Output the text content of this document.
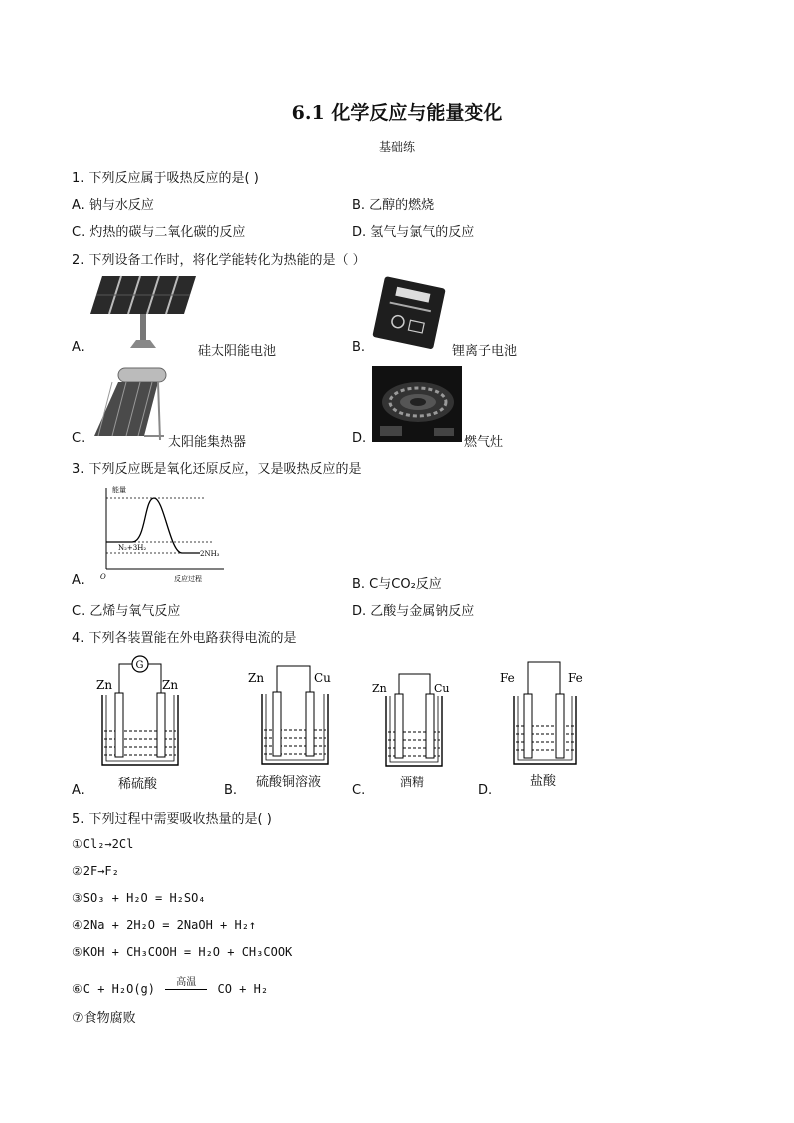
6.1 化学反应与能量变化
基础练
1. 下列反应属于吸热反应的是( )
A. 钠与水反应	B. 乙醇的燃烧
C. 灼热的碳与二氧化碳的反应	D. 氢气与氯气的反应
2. 下列设备工作时，将化学能转化为热能的是（ ）
A.	硅太阳能电池	B.	锂离子电池
C.	太阳能集热器	D.	燃气灶
3. 下列反应既是氧化还原反应，又是吸热反应的是
A.
能量
N₂+3H₂
2NH₃
O	反应过程	B. C与CO₂反应
C. 乙烯与氧气反应	D. 乙酸与金属钠反应
4. 下列各装置能在外电路获得电流的是
A.
G
Zn	Zn
稀硫酸	B.
Zn	Cu
硫酸铜溶液
C.
Zn	Cu
酒精
D.
Fe	Fe
盐酸
5. 下列过程中需要吸收热量的是( )
①Cl₂→2Cl
②2F→F₂
③SO₃ + H₂O = H₂SO₄
④2Na + 2H₂O = 2NaOH + H₂↑
⑤KOH + CH₃COOH = H₂O + CH₃COOK
⑥C + H₂O(g)	高温	CO + H₂
⑦食物腐败
